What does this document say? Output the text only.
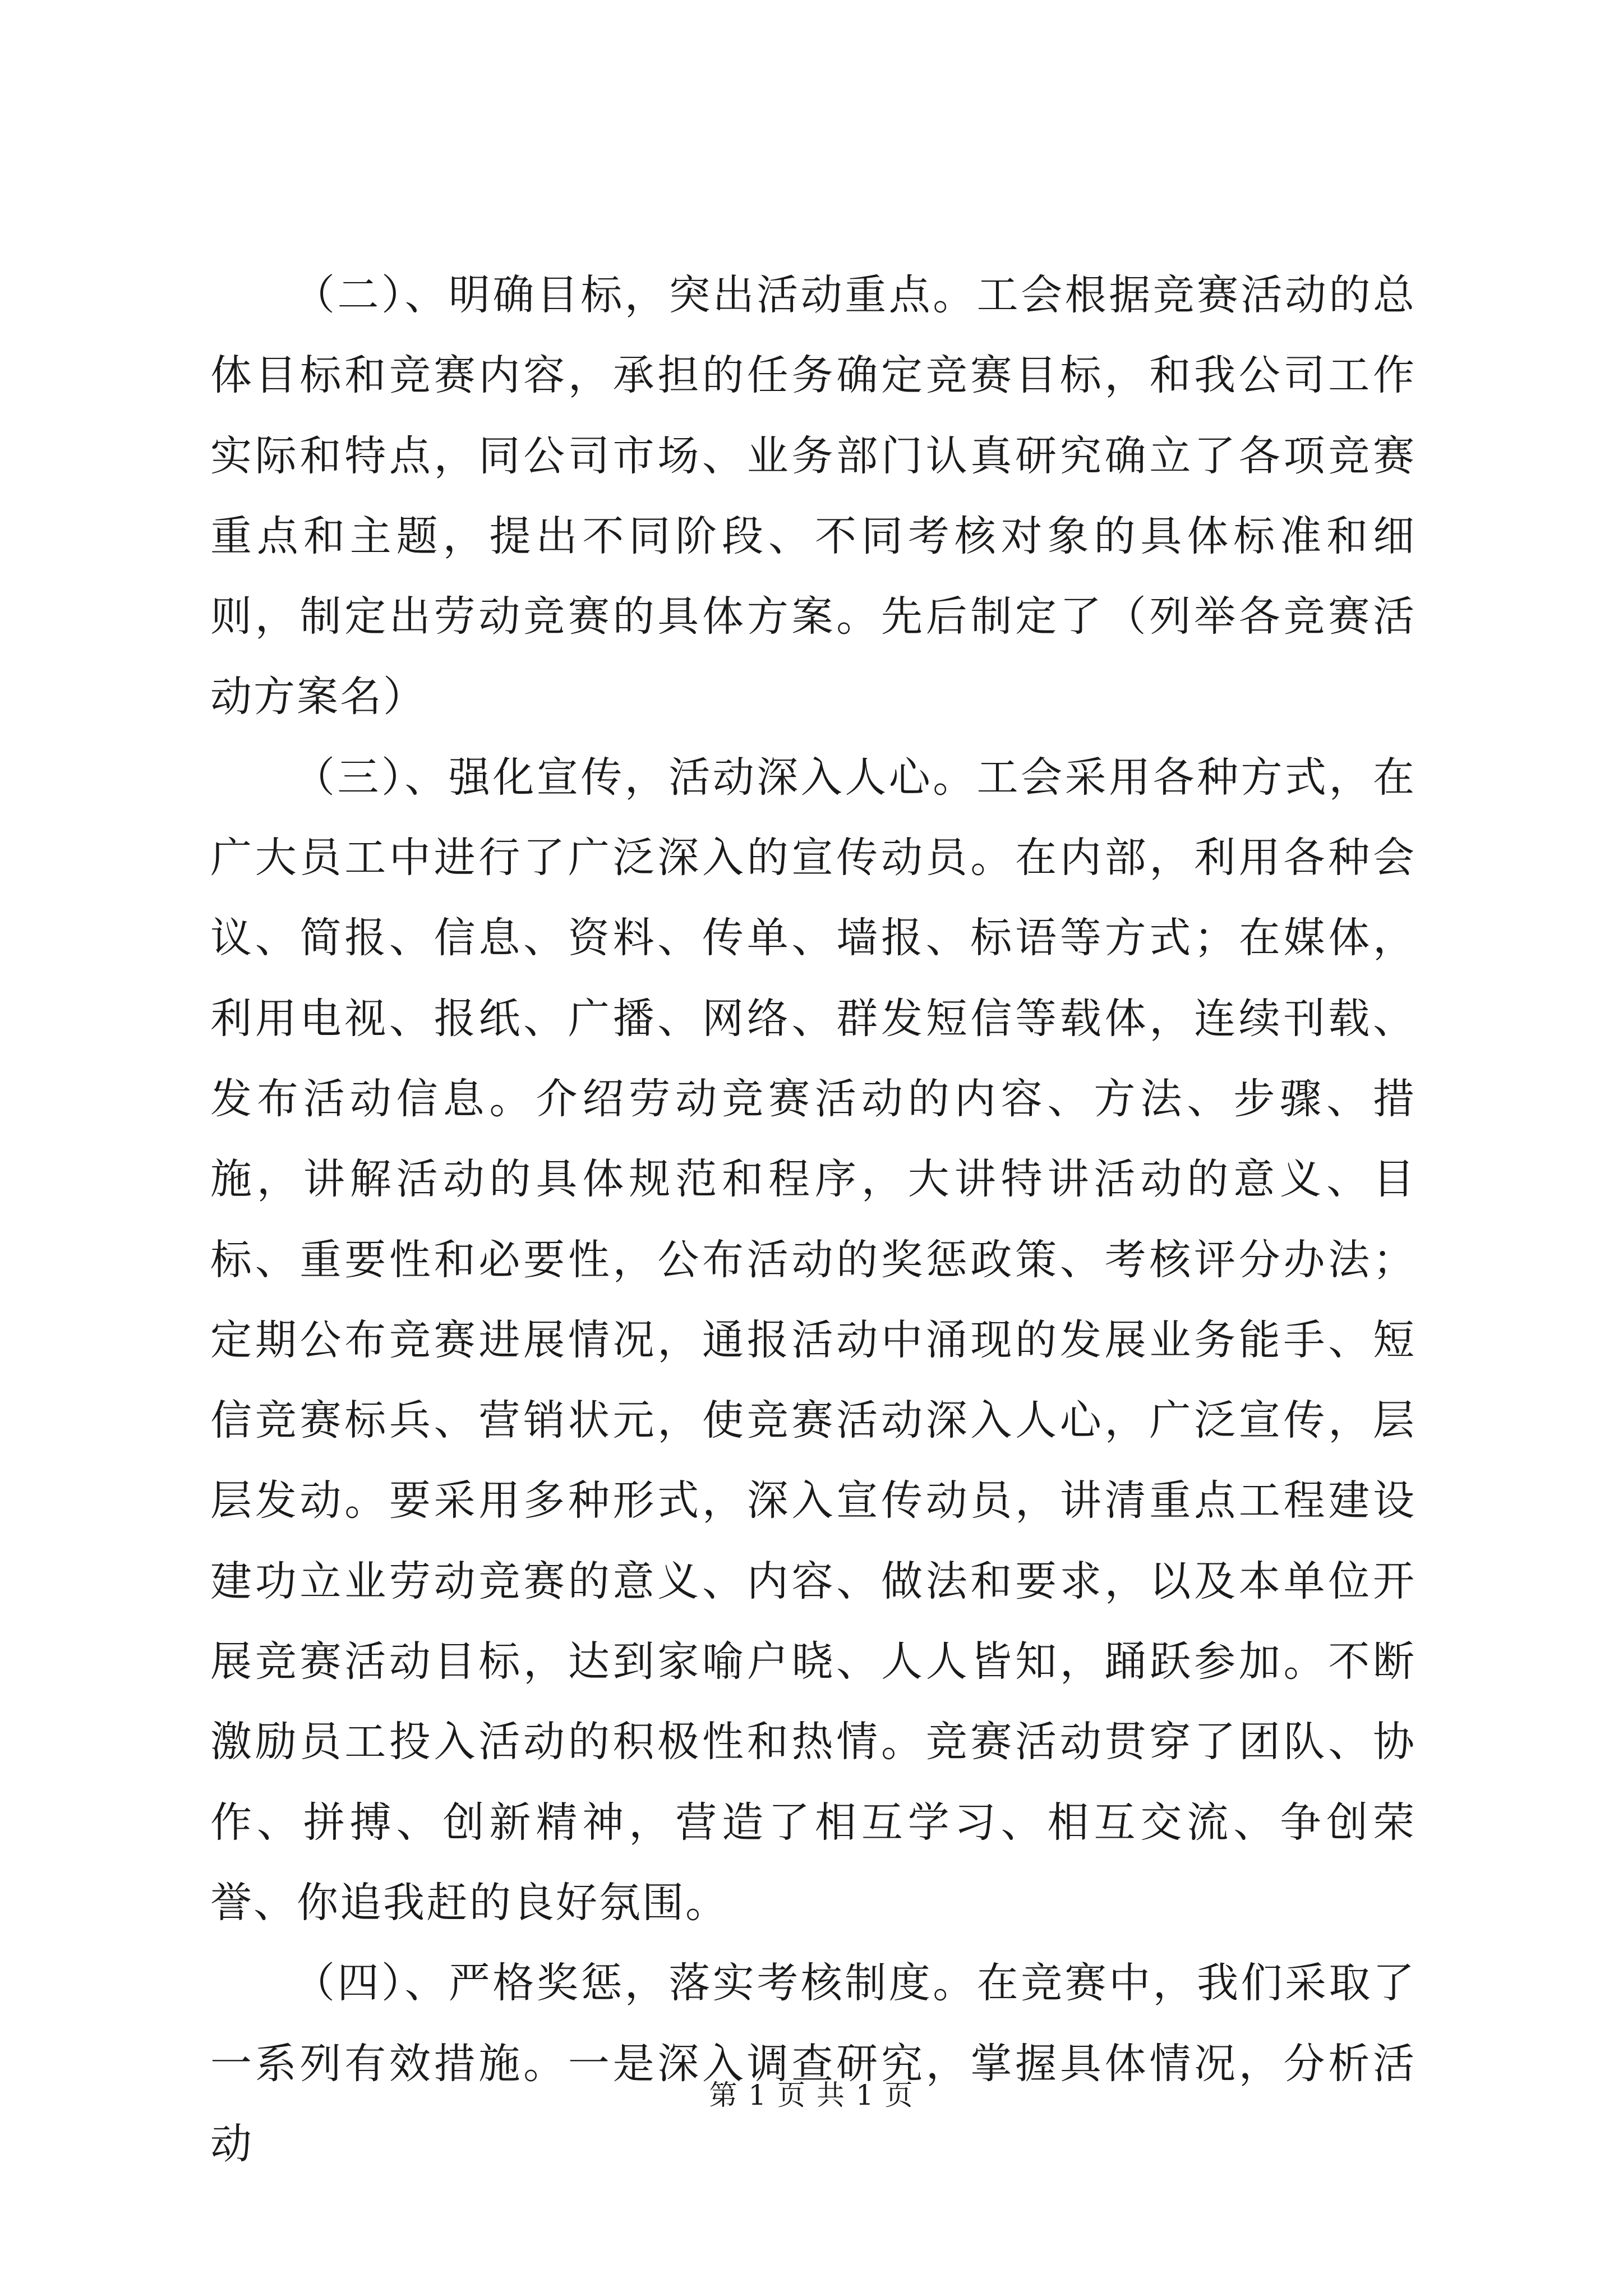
（二）、明确目标，突出活动重点。工会根据竞赛活动的总体目标和竞赛内容，承担的任务确定竞赛目标，和我公司工作实际和特点，同公司市场、业务部门认真研究确立了各项竞赛重点和主题，提出不同阶段、不同考核对象的具体标准和细则，制定出劳动竞赛的具体方案。先后制定了（列举各竞赛活动方案名）

（三）、强化宣传，活动深入人心。工会采用各种方式，在广大员工中进行了广泛深入的宣传动员。在内部，利用各种会议、简报、信息、资料、传单、墙报、标语等方式；在媒体，利用电视、报纸、广播、网络、群发短信等载体，连续刊载、发布活动信息。介绍劳动竞赛活动的内容、方法、步骤、措施，讲解活动的具体规范和程序，大讲特讲活动的意义、目标、重要性和必要性，公布活动的奖惩政策、考核评分办法；定期公布竞赛进展情况，通报活动中涌现的发展业务能手、短信竞赛标兵、营销状元，使竞赛活动深入人心，广泛宣传，层层发动。要采用多种形式，深入宣传动员，讲清重点工程建设建功立业劳动竞赛的意义、内容、做法和要求，以及本单位开展竞赛活动目标，达到家喻户晓、人人皆知，踊跃参加。不断激励员工投入活动的积极性和热情。竞赛活动贯穿了团队、协作、拼搏、创新精神，营造了相互学习、相互交流、争创荣誉、你追我赶的良好氛围。

（四）、严格奖惩，落实考核制度。在竞赛中，我们采取了一系列有效措施。一是深入调查研究，掌握具体情况，分析活动

第 1 页 共 1 页
